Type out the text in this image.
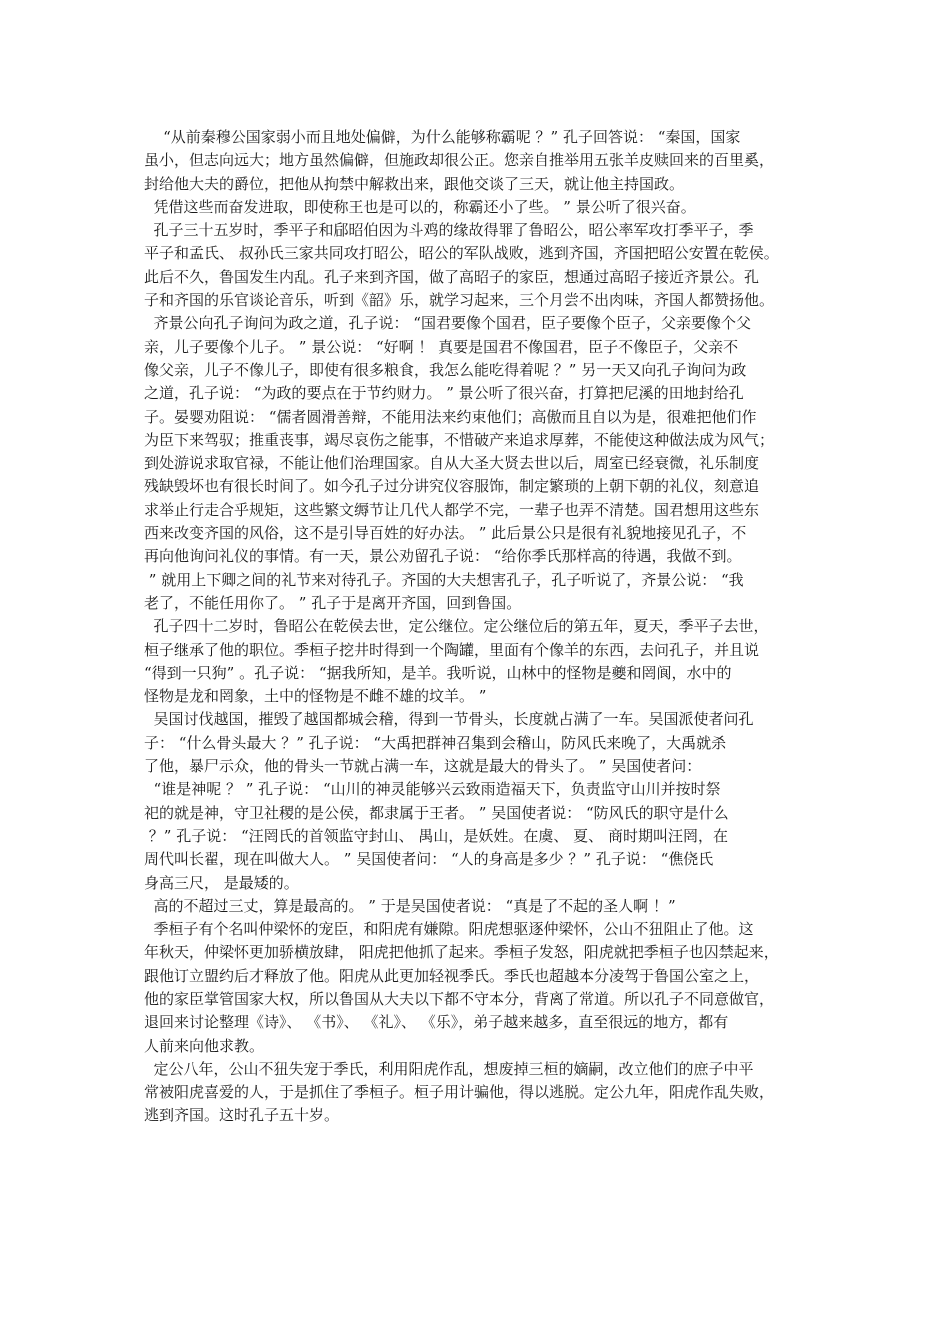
“从前秦穆公国家弱小而且地处偏僻，为什么能够称霸呢 ？” 孔子回答说： “秦国，国家
虽小，但志向远大；地方虽然偏僻，但施政却很公正。您亲自推举用五张羊皮赎回来的百里奚，
封给他大夫的爵位，把他从拘禁中解救出来，跟他交谈了三天，就让他主持国政。
凭借这些而奋发进取，即使称王也是可以的，称霸还小了些。 ” 景公听了很兴奋。
孔子三十五岁时，季平子和郈昭伯因为斗鸡的缘故得罪了鲁昭公，昭公率军攻打季平子，季
平子和孟氏、 叔孙氏三家共同攻打昭公，昭公的军队战败，逃到齐国，齐国把昭公安置在乾侯。
此后不久，鲁国发生内乱。孔子来到齐国，做了高昭子的家臣，想通过高昭子接近齐景公。孔
子和齐国的乐官谈论音乐，听到《韶》乐，就学习起来，三个月尝不出肉味，齐国人都赞扬他。
齐景公向孔子询问为政之道，孔子说： “国君要像个国君，臣子要像个臣子，父亲要像个父
亲，儿子要像个儿子。 ” 景公说： “好啊 ！ 真要是国君不像国君，臣子不像臣子，父亲不
像父亲，儿子不像儿子，即使有很多粮食，我怎么能吃得着呢 ？” 另一天又向孔子询问为政
之道，孔子说： “为政的要点在于节约财力。 ” 景公听了很兴奋，打算把尼溪的田地封给孔
子。晏婴劝阻说： “儒者圆滑善辩，不能用法来约束他们；高傲而且自以为是，很难把他们作
为臣下来驾驭；推重丧事，竭尽哀伤之能事，不惜破产来追求厚葬，不能使这种做法成为风气；
到处游说求取官禄，不能让他们治理国家。自从大圣大贤去世以后，周室已经衰微，礼乐制度
残缺毁坏也有很长时间了。如今孔子过分讲究仪容服饰，制定繁琐的上朝下朝的礼仪，刻意追
求举止行走合乎规矩，这些繁文缛节让几代人都学不完，一辈子也弄不清楚。国君想用这些东
西来改变齐国的风俗，这不是引导百姓的好办法。 ” 此后景公只是很有礼貌地接见孔子，不
再向他询问礼仪的事情。有一天，景公劝留孔子说： “给你季氏那样高的待遇，我做不到。
” 就用上下卿之间的礼节来对待孔子。齐国的大夫想害孔子，孔子听说了，齐景公说： “我
老了，不能任用你了。 ” 孔子于是离开齐国，回到鲁国。
孔子四十二岁时，鲁昭公在乾侯去世，定公继位。定公继位后的第五年，夏天，季平子去世，
桓子继承了他的职位。季桓子挖井时得到一个陶罐，里面有个像羊的东西，去问孔子，并且说
“得到一只狗” 。孔子说： “据我所知，是羊。我听说，山林中的怪物是夔和罔阆，水中的
怪物是龙和罔象，土中的怪物是不雌不雄的坟羊。 ”
吴国讨伐越国，摧毁了越国都城会稽，得到一节骨头，长度就占满了一车。吴国派使者问孔
子： “什么骨头最大 ？” 孔子说： “大禹把群神召集到会稽山，防风氏来晚了，大禹就杀
了他，暴尸示众，他的骨头一节就占满一车，这就是最大的骨头了。 ” 吴国使者问：
“谁是神呢 ？ ” 孔子说： “山川的神灵能够兴云致雨造福天下，负责监守山川并按时祭
祀的就是神，守卫社稷的是公侯，都隶属于王者。 ” 吴国使者说： “防风氏的职守是什么
？” 孔子说： “汪罔氏的首领监守封山、 禺山，是妖姓。在虞、 夏、 商时期叫汪罔，在
周代叫长翟，现在叫做大人。 ” 吴国使者问： “人的身高是多少 ？” 孔子说： “僬侥氏
身高三尺， 是最矮的。
高的不超过三丈，算是最高的。 ” 于是吴国使者说： “真是了不起的圣人啊 ！”
季桓子有个名叫仲梁怀的宠臣，和阳虎有嫌隙。阳虎想驱逐仲梁怀，公山不狃阻止了他。这
年秋天，仲梁怀更加骄横放肆， 阳虎把他抓了起来。季桓子发怒，阳虎就把季桓子也囚禁起来，
跟他订立盟约后才释放了他。阳虎从此更加轻视季氏。季氏也超越本分凌驾于鲁国公室之上，
他的家臣掌管国家大权，所以鲁国从大夫以下都不守本分，背离了常道。所以孔子不同意做官，
退回来讨论整理《诗》、 《书》、 《礼》、 《乐》，弟子越来越多，直至很远的地方，都有
人前来向他求教。
定公八年，公山不狃失宠于季氏，利用阳虎作乱，想废掉三桓的嫡嗣，改立他们的庶子中平
常被阳虎喜爱的人，于是抓住了季桓子。桓子用计骗他，得以逃脱。定公九年，阳虎作乱失败，
逃到齐国。这时孔子五十岁。
